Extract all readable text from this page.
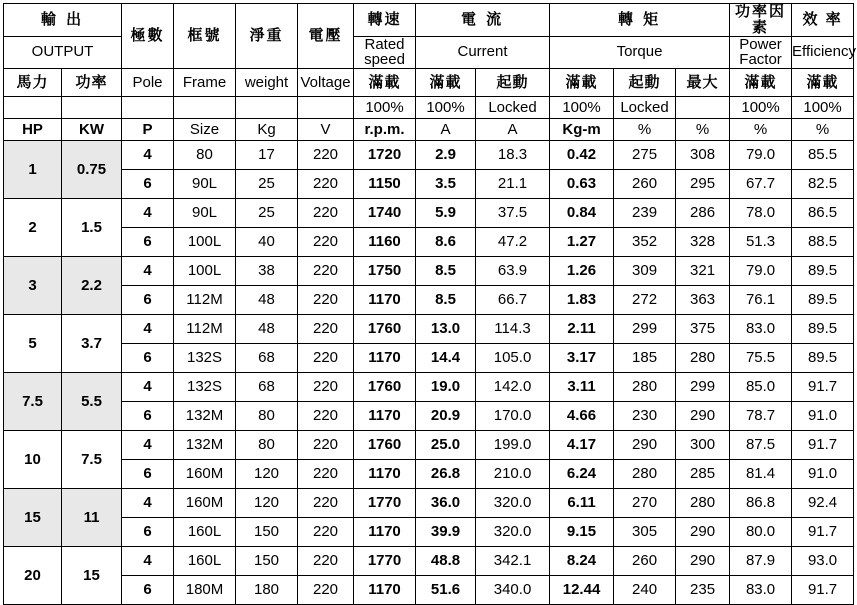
輸 出		極數	框號	淨重	電壓	轉速	電 流		轉 矩			功率因素	效 率
OUTPUT						Rated speed	Current		Torque			Power Factor	Efficiency
馬力	功率	Pole	Frame	weight	Voltage	滿載	滿載	起動	滿載	起動	最大	滿載	滿載
						100%	100%	Locked	100%	Locked		100%	100%
HP	KW	P	Size	Kg	V	r.p.m.	A	A	Kg-m	%	%	%	%
1	0.75	4	80	17	220	1720	2.9	18.3	0.42	275	308	79.0	85.5
		6	90L	25	220	1150	3.5	21.1	0.63	260	295	67.7	82.5
2	1.5	4	90L	25	220	1740	5.9	37.5	0.84	239	286	78.0	86.5
		6	100L	40	220	1160	8.6	47.2	1.27	352	328	51.3	88.5
3	2.2	4	100L	38	220	1750	8.5	63.9	1.26	309	321	79.0	89.5
		6	112M	48	220	1170	8.5	66.7	1.83	272	363	76.1	89.5
5	3.7	4	112M	48	220	1760	13.0	114.3	2.11	299	375	83.0	89.5
		6	132S	68	220	1170	14.4	105.0	3.17	185	280	75.5	89.5
7.5	5.5	4	132S	68	220	1760	19.0	142.0	3.11	280	299	85.0	91.7
		6	132M	80	220	1170	20.9	170.0	4.66	230	290	78.7	91.0
10	7.5	4	132M	80	220	1760	25.0	199.0	4.17	290	300	87.5	91.7
		6	160M	120	220	1170	26.8	210.0	6.24	280	285	81.4	91.0
15	11	4	160M	120	220	1770	36.0	320.0	6.11	270	280	86.8	92.4
		6	160L	150	220	1170	39.9	320.0	9.15	305	290	80.0	91.7
20	15	4	160L	150	220	1770	48.8	342.1	8.24	260	290	87.9	93.0
		6	180M	180	220	1170	51.6	340.0	12.44	240	235	83.0	91.7
